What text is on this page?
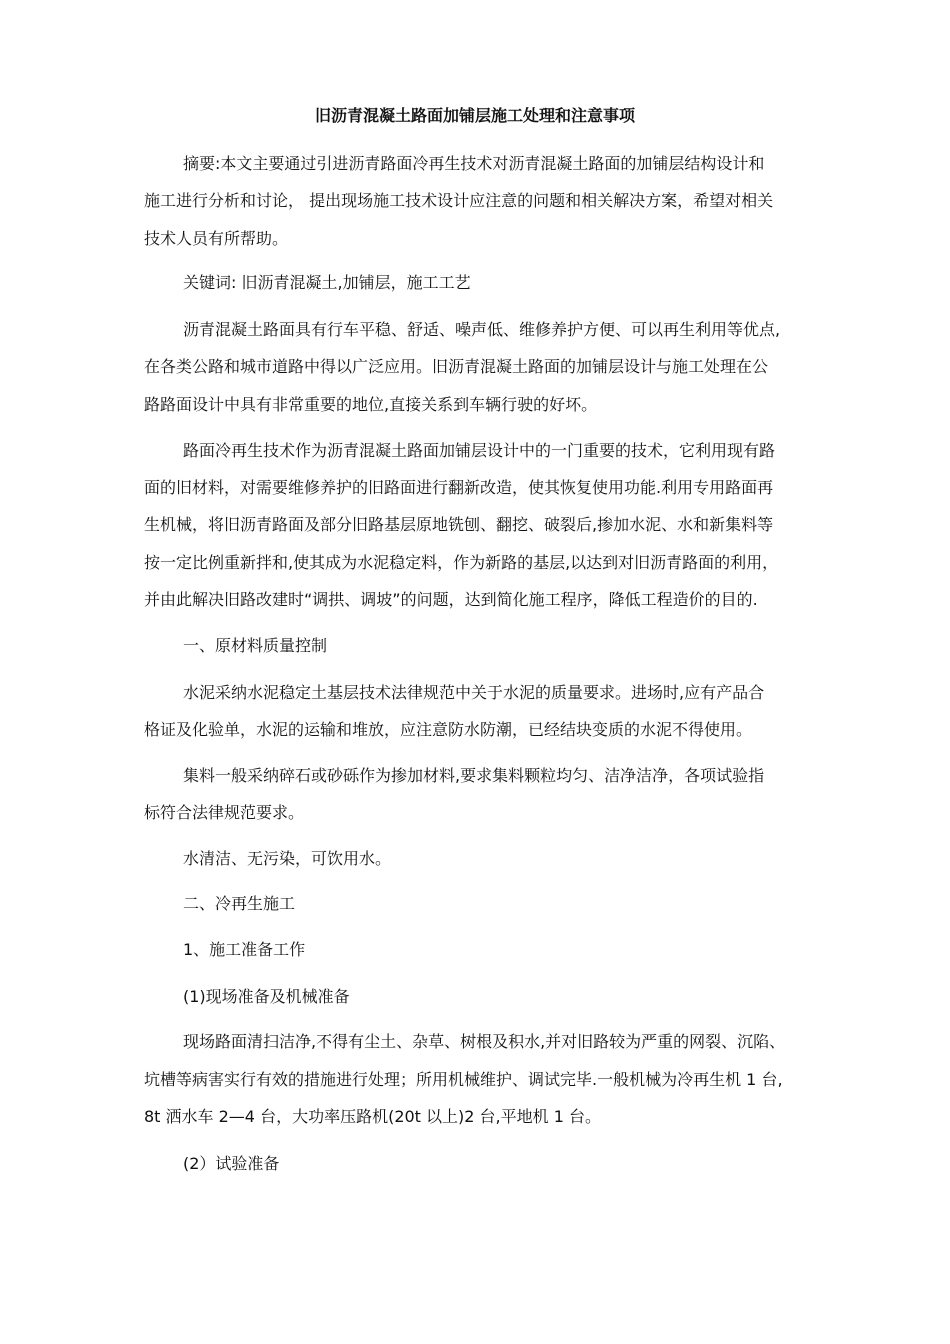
旧沥青混凝土路面加铺层施工处理和注意事项
摘要:本文主要通过引进沥青路面冷再生技术对沥青混凝土路面的加铺层结构设计和
施工进行分析和讨论， 提出现场施工技术设计应注意的问题和相关解决方案，希望对相关
技术人员有所帮助。
关键词: 旧沥青混凝土,加铺层，施工工艺
沥青混凝土路面具有行车平稳、舒适、噪声低、维修养护方便、可以再生利用等优点,
在各类公路和城市道路中得以广泛应用。旧沥青混凝土路面的加铺层设计与施工处理在公
路路面设计中具有非常重要的地位,直接关系到车辆行驶的好坏。
路面冷再生技术作为沥青混凝土路面加铺层设计中的一门重要的技术，它利用现有路
面的旧材料，对需要维修养护的旧路面进行翻新改造，使其恢复使用功能.利用专用路面再
生机械，将旧沥青路面及部分旧路基层原地铣刨、翻挖、破裂后,掺加水泥、水和新集料等
按一定比例重新拌和,使其成为水泥稳定料，作为新路的基层,以达到对旧沥青路面的利用，
并由此解决旧路改建时“调拱、调坡”的问题，达到简化施工程序，降低工程造价的目的.
一、原材料质量控制
水泥采纳水泥稳定土基层技术法律规范中关于水泥的质量要求。进场时,应有产品合
格证及化验单，水泥的运输和堆放，应注意防水防潮，已经结块变质的水泥不得使用。
集料一般采纳碎石或砂砾作为掺加材料,要求集料颗粒均匀、洁净洁净，各项试验指
标符合法律规范要求。
水清洁、无污染，可饮用水。
二、冷再生施工
1、施工准备工作
(1)现场准备及机械准备
现场路面清扫洁净,不得有尘土、杂草、树根及积水,并对旧路较为严重的网裂、沉陷、
坑槽等病害实行有效的措施进行处理；所用机械维护、调试完毕.一般机械为冷再生机 1 台,
8t 洒水车 2—4 台，大功率压路机(20t 以上)2 台,平地机 1 台。
(2）试验准备
